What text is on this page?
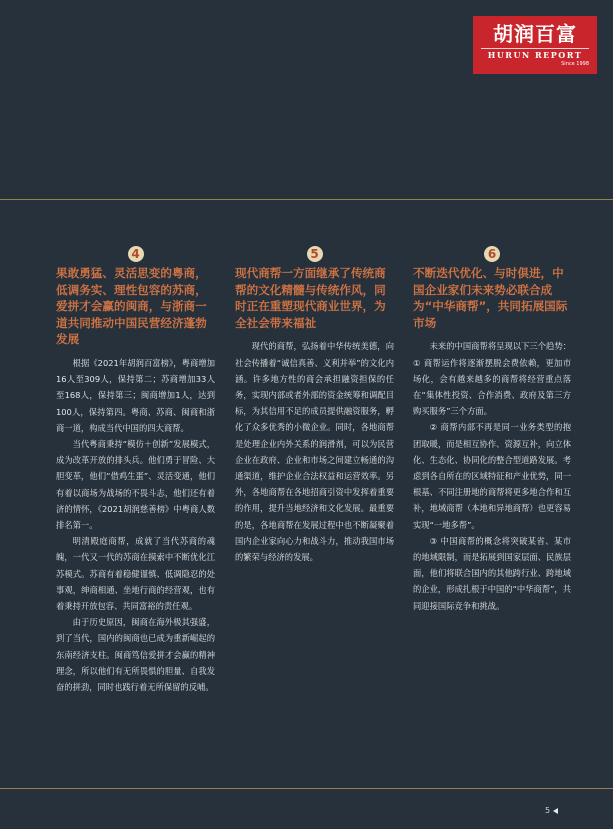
胡润百富
HURUN REPORT
Since 1998
4
果敢勇猛、灵活思变的粤商，低调务实、理性包容的苏商，爱拼才会赢的闽商，与浙商一道共同推动中国民营经济蓬勃发展

根据《2021年胡润百富榜》，粤商增加16人至309人，保持第二；苏商增加33人至168人，保持第三；闽商增加1人，达到100人，保持第四。粤商、苏商、闽商和浙商一道，构成当代中国的四大商帮。

当代粤商秉持“模仿＋创新”发展模式，成为改革开放的排头兵。他们勇于冒险、大胆变革，他们“借鸡生蛋”、灵活变通，他们有着以商场为战场的不畏斗志，他们还有着济的情怀，《2021胡润慈善榜》中粤商人数排名第一。

明清殿庭商帮，成就了当代苏商的魂魄，一代又一代的苏商在摸索中不断优化江苏模式。苏商有着稳健谨慎、低调隐忍的处事观，绅商相通、坐地行商的经营观，也有着秉持开放包容、共同富裕的责任观。

由于历史原因，闽商在海外极其强盛，到了当代，国内的闽商也已成为重新崛起的东南经济支柱。闽商笃信爱拼才会赢的精神理念，所以他们有无所畏惧的胆量、自我发奋的拼劲，同时也践行着无所保留的反哺。

5
现代商帮一方面继承了传统商帮的文化精髓与传统作风，同时正在重塑现代商业世界，为全社会带来福祉

现代的商帮，弘扬着中华传统美德，向社会传播着“诚信真善、义利并举”的文化内涵。许多地方性的商会承担融资担保的任务，实现内部或者外部的资金统筹和调配目标，为其信用不足的成员提供融资服务，孵化了众多优秀的小微企业。同时，各地商帮是处理企业内外关系的润滑剂，可以为民营企业在政府、企业和市场之间建立畅通的沟通渠道，维护企业合法权益和运营效率。另外，各地商帮在各地招商引资中发挥着重要的作用，提升当地经济和文化发展。最重要的是，各地商帮在发展过程中也不断凝聚着国内企业家向心力和战斗力，推动我国市场的繁荣与经济的发展。

6
不断迭代优化、与时俱进，中国企业家们未来势必联合成为“中华商帮”，共同拓展国际市场

未来的中国商帮将呈现以下三个趋势：① 商帮运作将逐渐摆脱会费依赖，更加市场化，会有越来越多的商帮将经营重点落在“集体性投资、合作消费、政府及第三方购买服务”三个方面。

② 商帮内部不再是同一业务类型的抱团取暖，而是相互协作、资源互补，向立体化、生态化、协同化的整合型道路发展。考虑到各自所在的区域特征和产业优势，同一根基、不同注册地的商帮将更多地合作和互补，地域商帮（本地和异地商帮）也更容易实现“一地多帮”。

③ 中国商帮的概念将突破某省、某市的地域限制，而是拓展到国家层面、民族层面，他们将联合国内的其他跨行业、跨地域的企业，形成扎根于中国的“中华商帮”，共同迎接国际竞争和挑战。

5
